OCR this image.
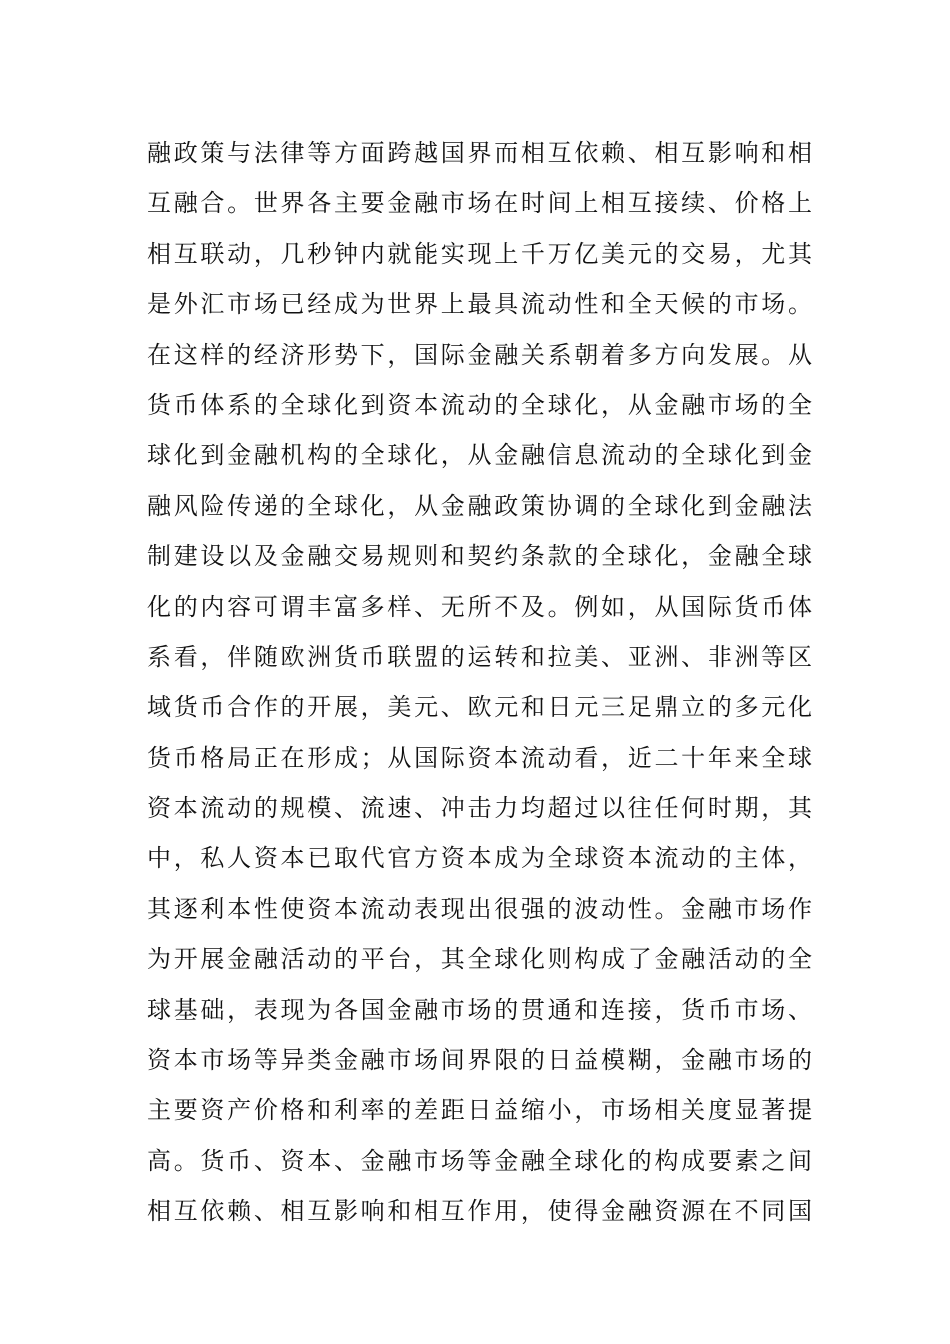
融政策与法律等方面跨越国界而相互依赖、相互影响和相
互融合。世界各主要金融市场在时间上相互接续、价格上
相互联动，几秒钟内就能实现上千万亿美元的交易，尤其
是外汇市场已经成为世界上最具流动性和全天候的市场。
在这样的经济形势下，国际金融关系朝着多方向发展。从
货币体系的全球化到资本流动的全球化，从金融市场的全
球化到金融机构的全球化，从金融信息流动的全球化到金
融风险传递的全球化，从金融政策协调的全球化到金融法
制建设以及金融交易规则和契约条款的全球化，金融全球
化的内容可谓丰富多样、无所不及。例如，从国际货币体
系看，伴随欧洲货币联盟的运转和拉美、亚洲、非洲等区
域货币合作的开展，美元、欧元和日元三足鼎立的多元化
货币格局正在形成；从国际资本流动看，近二十年来全球
资本流动的规模、流速、冲击力均超过以往任何时期，其
中，私人资本已取代官方资本成为全球资本流动的主体，
其逐利本性使资本流动表现出很强的波动性。金融市场作
为开展金融活动的平台，其全球化则构成了金融活动的全
球基础，表现为各国金融市场的贯通和连接，货币市场、
资本市场等异类金融市场间界限的日益模糊，金融市场的
主要资产价格和利率的差距日益缩小，市场相关度显著提
高。货币、资本、金融市场等金融全球化的构成要素之间
相互依赖、相互影响和相互作用，使得金融资源在不同国
